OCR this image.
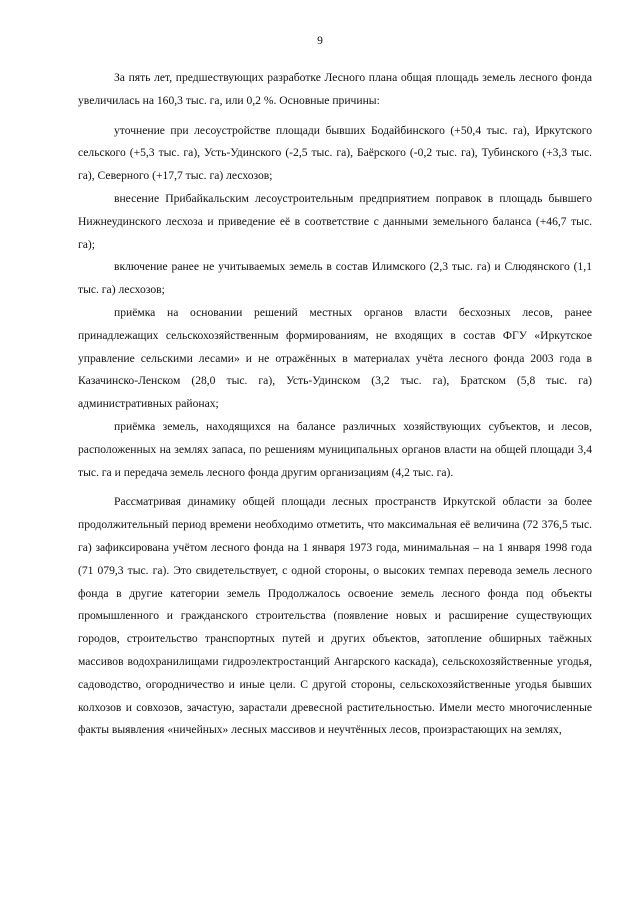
9

За пять лет, предшествующих разработке Лесного плана общая площадь земель лесного фонда увеличилась на 160,3 тыс. га, или 0,2 %. Основные причины:

уточнение при лесоустройстве площади бывших Бодайбинского (+50,4 тыс. га), Иркутского сельского (+5,3 тыс. га), Усть-Удинского (-2,5 тыс. га), Баёрского (-0,2 тыс. га), Тубинского (+3,3 тыс. га), Северного (+17,7 тыс. га) лесхозов;

внесение Прибайкальским лесоустроительным предприятием поправок в площадь бывшего Нижнеудинского лесхоза и приведение её в соответствие с данными земельного баланса (+46,7 тыс. га);

включение ранее не учитываемых земель в состав Илимского (2,3 тыс. га) и Слюдянского (1,1 тыс. га) лесхозов;

приёмка на основании решений местных органов власти бесхозных лесов, ранее принадлежащих сельскохозяйственным формированиям, не входящих в состав ФГУ «Иркутское управление сельскими лесами» и не отражённых в материалах учёта лесного фонда 2003 года в Казачинско-Ленском (28,0 тыс. га), Усть-Удинском (3,2 тыс. га), Братском (5,8 тыс. га) административных районах;

приёмка земель, находящихся на балансе различных хозяйствующих субъектов, и лесов, расположенных на землях запаса, по решениям муниципальных органов власти на общей площади 3,4 тыс. га и передача земель лесного фонда другим организациям (4,2 тыс. га).

Рассматривая динамику общей площади лесных пространств Иркутской области за более продолжительный период времени необходимо отметить, что максимальная её величина (72 376,5 тыс. га) зафиксирована учётом лесного фонда на 1 января 1973 года, минимальная – на 1 января 1998 года (71 079,3 тыс. га). Это свидетельствует, с одной стороны, о высоких темпах перевода земель лесного фонда в другие категории земель Продолжалось освоение земель лесного фонда под объекты промышленного и гражданского строительства (появление новых и расширение существующих городов, строительство транспортных путей и других объектов, затопление обширных таёжных массивов водохранилищами гидроэлектростанций Ангарского каскада), сельскохозяйственные угодья, садоводство, огородничество и иные цели. С другой стороны, сельскохозяйственные угодья бывших колхозов и совхозов, зачастую, зарастали древесной растительностью. Имели место многочисленные факты выявления «ничейных» лесных массивов и неучтённых лесов, произрастающих на землях,
